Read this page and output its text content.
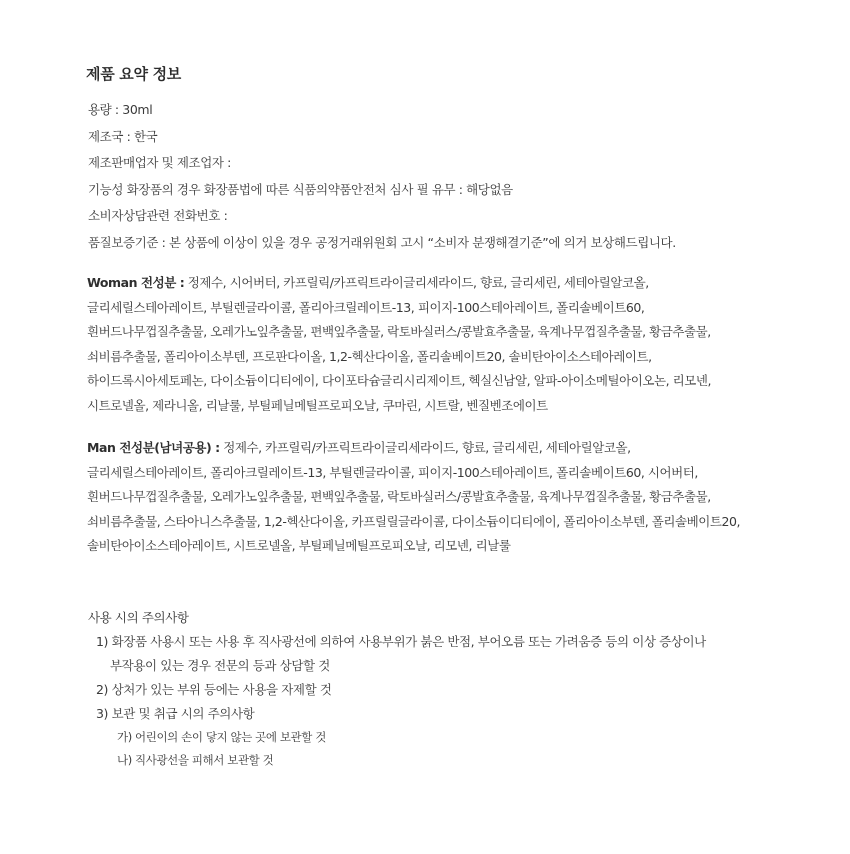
제품 요약 정보
용량 : 30ml
제조국 : 한국
제조판매업자 및 제조업자 :
기능성 화장품의 경우 화장품법에 따른 식품의약품안전처 심사 필 유무 : 해당없음
소비자상담관련 전화번호 :
품질보증기준 : 본 상품에 이상이 있을 경우 공정거래위원회 고시 “소비자 분쟁해결기준”에 의거 보상해드립니다.
Woman 전성분 : 정제수, 시어버터, 카프릴릭/카프릭트라이글리세라이드, 향료, 글리세린, 세테아릴알코올,
글리세릴스테아레이트, 부틸렌글라이콜, 폴리아크릴레이트-13, 피이지-100스테아레이트, 폴리솔베이트60,
흰버드나무껍질추출물, 오레가노잎추출물, 편백잎추출물, 락토바실러스/콩발효추출물, 육계나무껍질추출물, 황금추출물,
쇠비름추출물, 폴리아이소부텐, 프로판다이올, 1,2-헥산다이올, 폴리솔베이트20, 솔비탄아이소스테아레이트,
하이드록시아세토페논, 다이소듐이디티에이, 다이포타슘글리시리제이트, 헥실신남알, 알파-아이소메틸아이오논, 리모넨,
시트로넬올, 제라니올, 리날룰, 부틸페닐메틸프로피오날, 쿠마린, 시트랄, 벤질벤조에이트
Man 전성분(남녀공용) : 정제수, 카프릴릭/카프릭트라이글리세라이드, 향료, 글리세린, 세테아릴알코올,
글리세릴스테아레이트, 폴리아크릴레이트-13, 부틸렌글라이콜, 피이지-100스테아레이트, 폴리솔베이트60, 시어버터,
흰버드나무껍질추출물, 오레가노잎추출물, 편백잎추출물, 락토바실러스/콩발효추출물, 육계나무껍질추출물, 황금추출물,
쇠비름추출물, 스타아니스추출물, 1,2-헥산다이올, 카프릴릴글라이콜, 다이소듐이디티에이, 폴리아이소부텐, 폴리솔베이트20,
솔비탄아이소스테아레이트, 시트로넬올, 부틸페닐메틸프로피오날, 리모넨, 리날룰
사용 시의 주의사항
1) 화장품 사용시 또는 사용 후 직사광선에 의하여 사용부위가 붉은 반점, 부어오름 또는 가려움증 등의 이상 증상이나
부작용이 있는 경우 전문의 등과 상담할 것
2) 상처가 있는 부위 등에는 사용을 자제할 것
3) 보관 및 취급 시의 주의사항
가) 어린이의 손이 닿지 않는 곳에 보관할 것
나) 직사광선을 피해서 보관할 것
